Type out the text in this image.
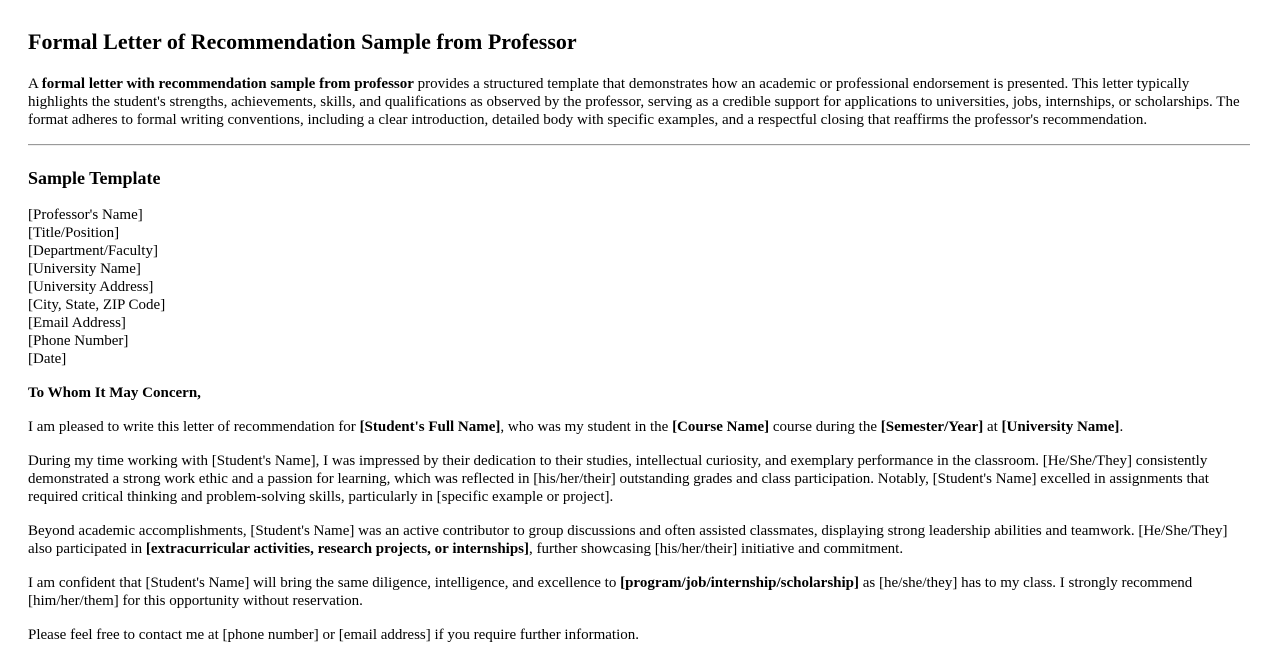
Formal Letter of Recommendation Sample from Professor

A formal letter with recommendation sample from professor provides a structured template that demonstrates how an academic or professional endorsement is presented. This letter typically highlights the student's strengths, achievements, skills, and qualifications as observed by the professor, serving as a credible support for applications to universities, jobs, internships, or scholarships. The format adheres to formal writing conventions, including a clear introduction, detailed body with specific examples, and a respectful closing that reaffirms the professor's recommendation.

Sample Template
[Professor's Name]
[Title/Position]
[Department/Faculty]
[University Name]
[University Address]
[City, State, ZIP Code]
[Email Address]
[Phone Number]
[Date]

To Whom It May Concern,

I am pleased to write this letter of recommendation for [Student's Full Name], who was my student in the [Course Name] course during the [Semester/Year] at [University Name].

During my time working with [Student's Name], I was impressed by their dedication to their studies, intellectual curiosity, and exemplary performance in the classroom. [He/She/They] consistently demonstrated a strong work ethic and a passion for learning, which was reflected in [his/her/their] outstanding grades and class participation. Notably, [Student's Name] excelled in assignments that required critical thinking and problem-solving skills, particularly in [specific example or project].

Beyond academic accomplishments, [Student's Name] was an active contributor to group discussions and often assisted classmates, displaying strong leadership abilities and teamwork. [He/She/They] also participated in [extracurricular activities, research projects, or internships], further showcasing [his/her/their] initiative and commitment.

I am confident that [Student's Name] will bring the same diligence, intelligence, and excellence to [program/job/internship/scholarship] as [he/she/they] has to my class. I strongly recommend [him/her/them] for this opportunity without reservation.

Please feel free to contact me at [phone number] or [email address] if you require further information.
